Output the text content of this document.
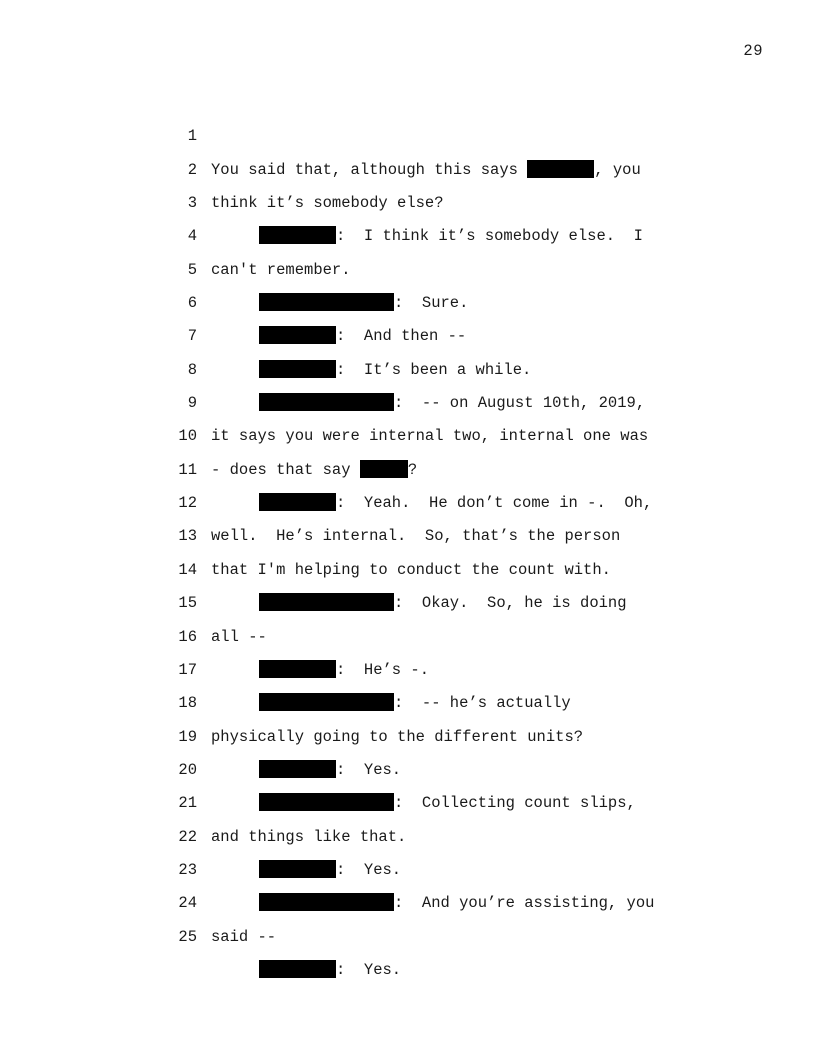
29

1

You said that, although this says	, you

2

think it’s somebody else?

3

:  I think it’s somebody else.  I

4

can't remember.

5

:  Sure.

6

:  And then --

7

:  It’s been a while.

8

:  -- on August 10th, 2019,

9

it says you were internal two, internal one was

10

- does that say	?

11

:  Yeah.  He don’t come in -.  Oh,

12

well.  He’s internal.  So, that’s the person

13

that I'm helping to conduct the count with.

14

:  Okay.  So, he is doing

15

all --

16

:  He’s -.

17

:  -- he’s actually

18

physically going to the different units?

19

:  Yes.

20

:  Collecting count slips,

21

and things like that.

22

:  Yes.

23

:  And you’re assisting, you

24

said --

25

:  Yes.
